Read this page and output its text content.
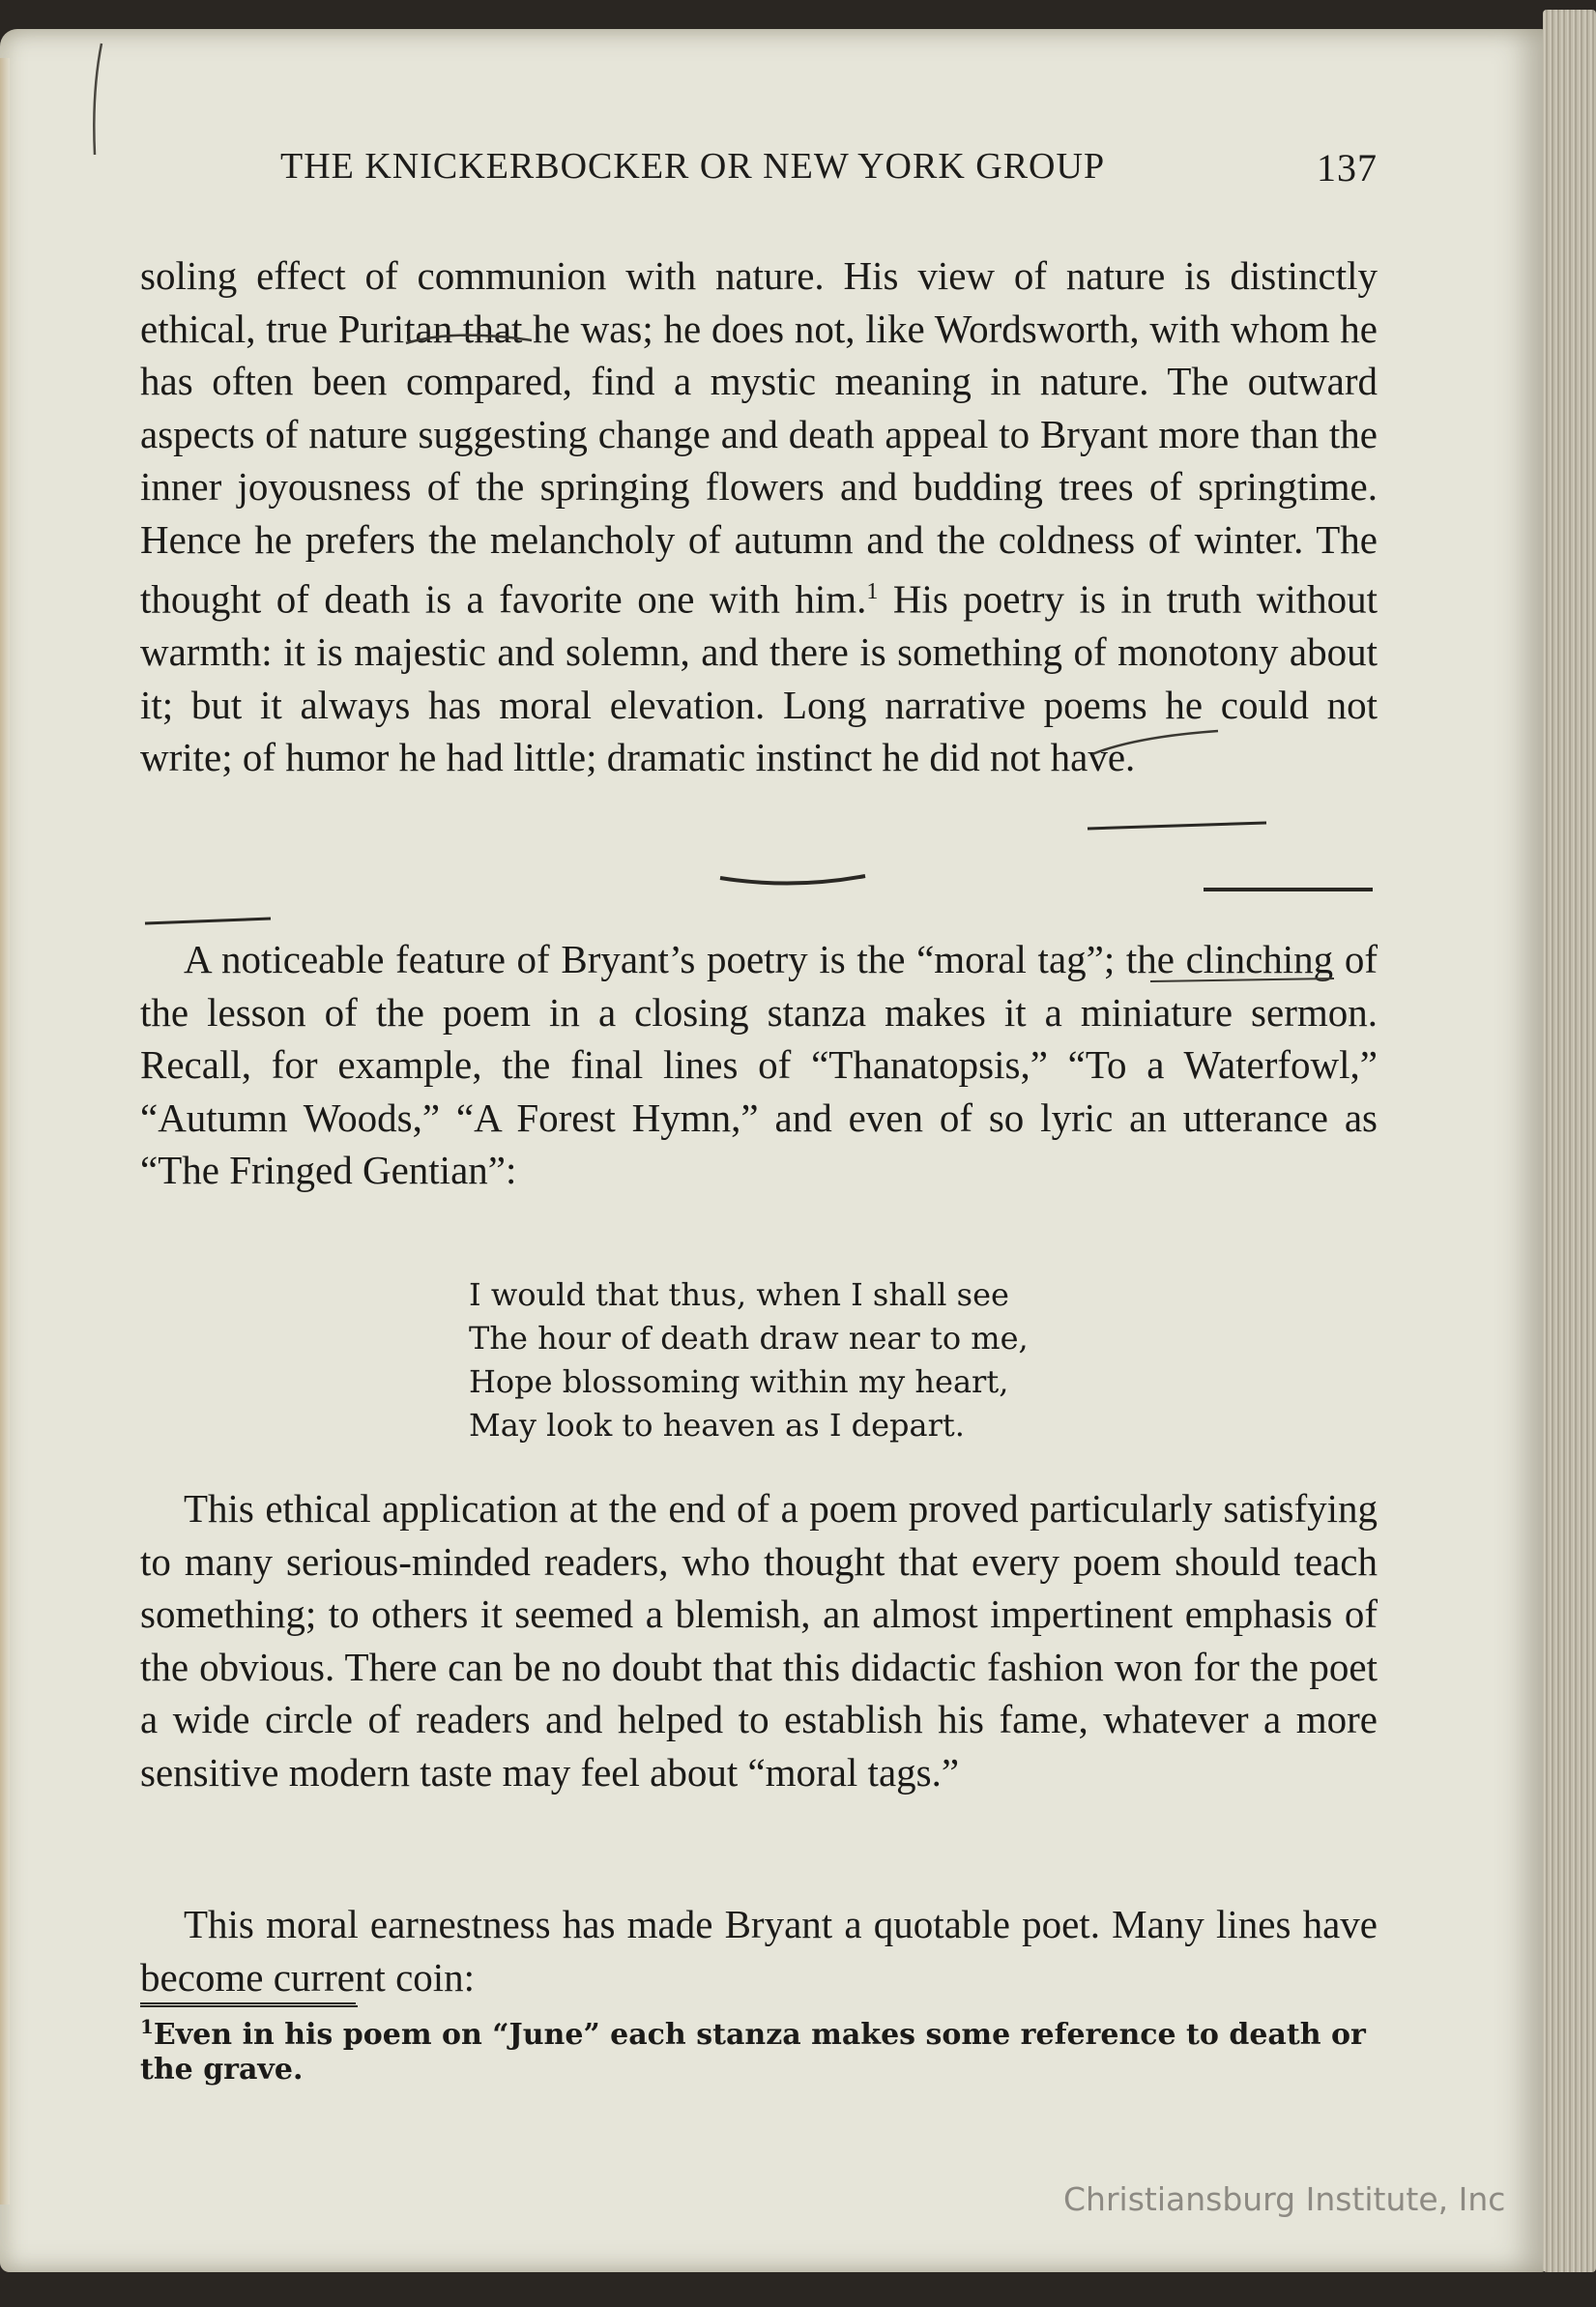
THE KNICKERBOCKER OR NEW YORK GROUP	137

soling effect of communion with nature. His view of nature is distinctly ethical, true Puritan that he was; he does not, like Wordsworth, with whom he has often been compared, find a mystic meaning in nature. The outward aspects of nature suggesting change and death appeal to Bryant more than the inner joyousness of the springing flowers and budding trees of springtime. Hence he prefers the melancholy of autumn and the coldness of winter. The thought of death is a favorite one with him.$^1$ His poetry is in truth without warmth: it is majestic and solemn, and there is something of monotony about it; but it always has moral elevation. Long narrative poems he could not write; of humor he had little; dramatic instinct he did not have.

A noticeable feature of Bryant’s poetry is the “moral tag”; the clinching of the lesson of the poem in a closing stanza makes it a miniature sermon. Recall, for example, the final lines of “Thanatopsis,” “To a Waterfowl,” “Autumn Woods,” “A Forest Hymn,” and even of so lyric an utterance as “The Fringed Gentian”:

I would that thus, when I shall see
The hour of death draw near to me,
Hope blossoming within my heart,
May look to heaven as I depart.

This ethical application at the end of a poem proved particularly satisfying to many serious-minded readers, who thought that every poem should teach something; to others it seemed a blemish, an almost impertinent emphasis of the obvious. There can be no doubt that this didactic fashion won for the poet a wide circle of readers and helped to establish his fame, whatever a more sensitive modern taste may feel about “moral tags.”

This moral earnestness has made Bryant a quotable poet. Many lines have become current coin:

$^1$Even in his poem on “June” each stanza makes some reference to death or the grave.
Christiansburg Institute, Inc
